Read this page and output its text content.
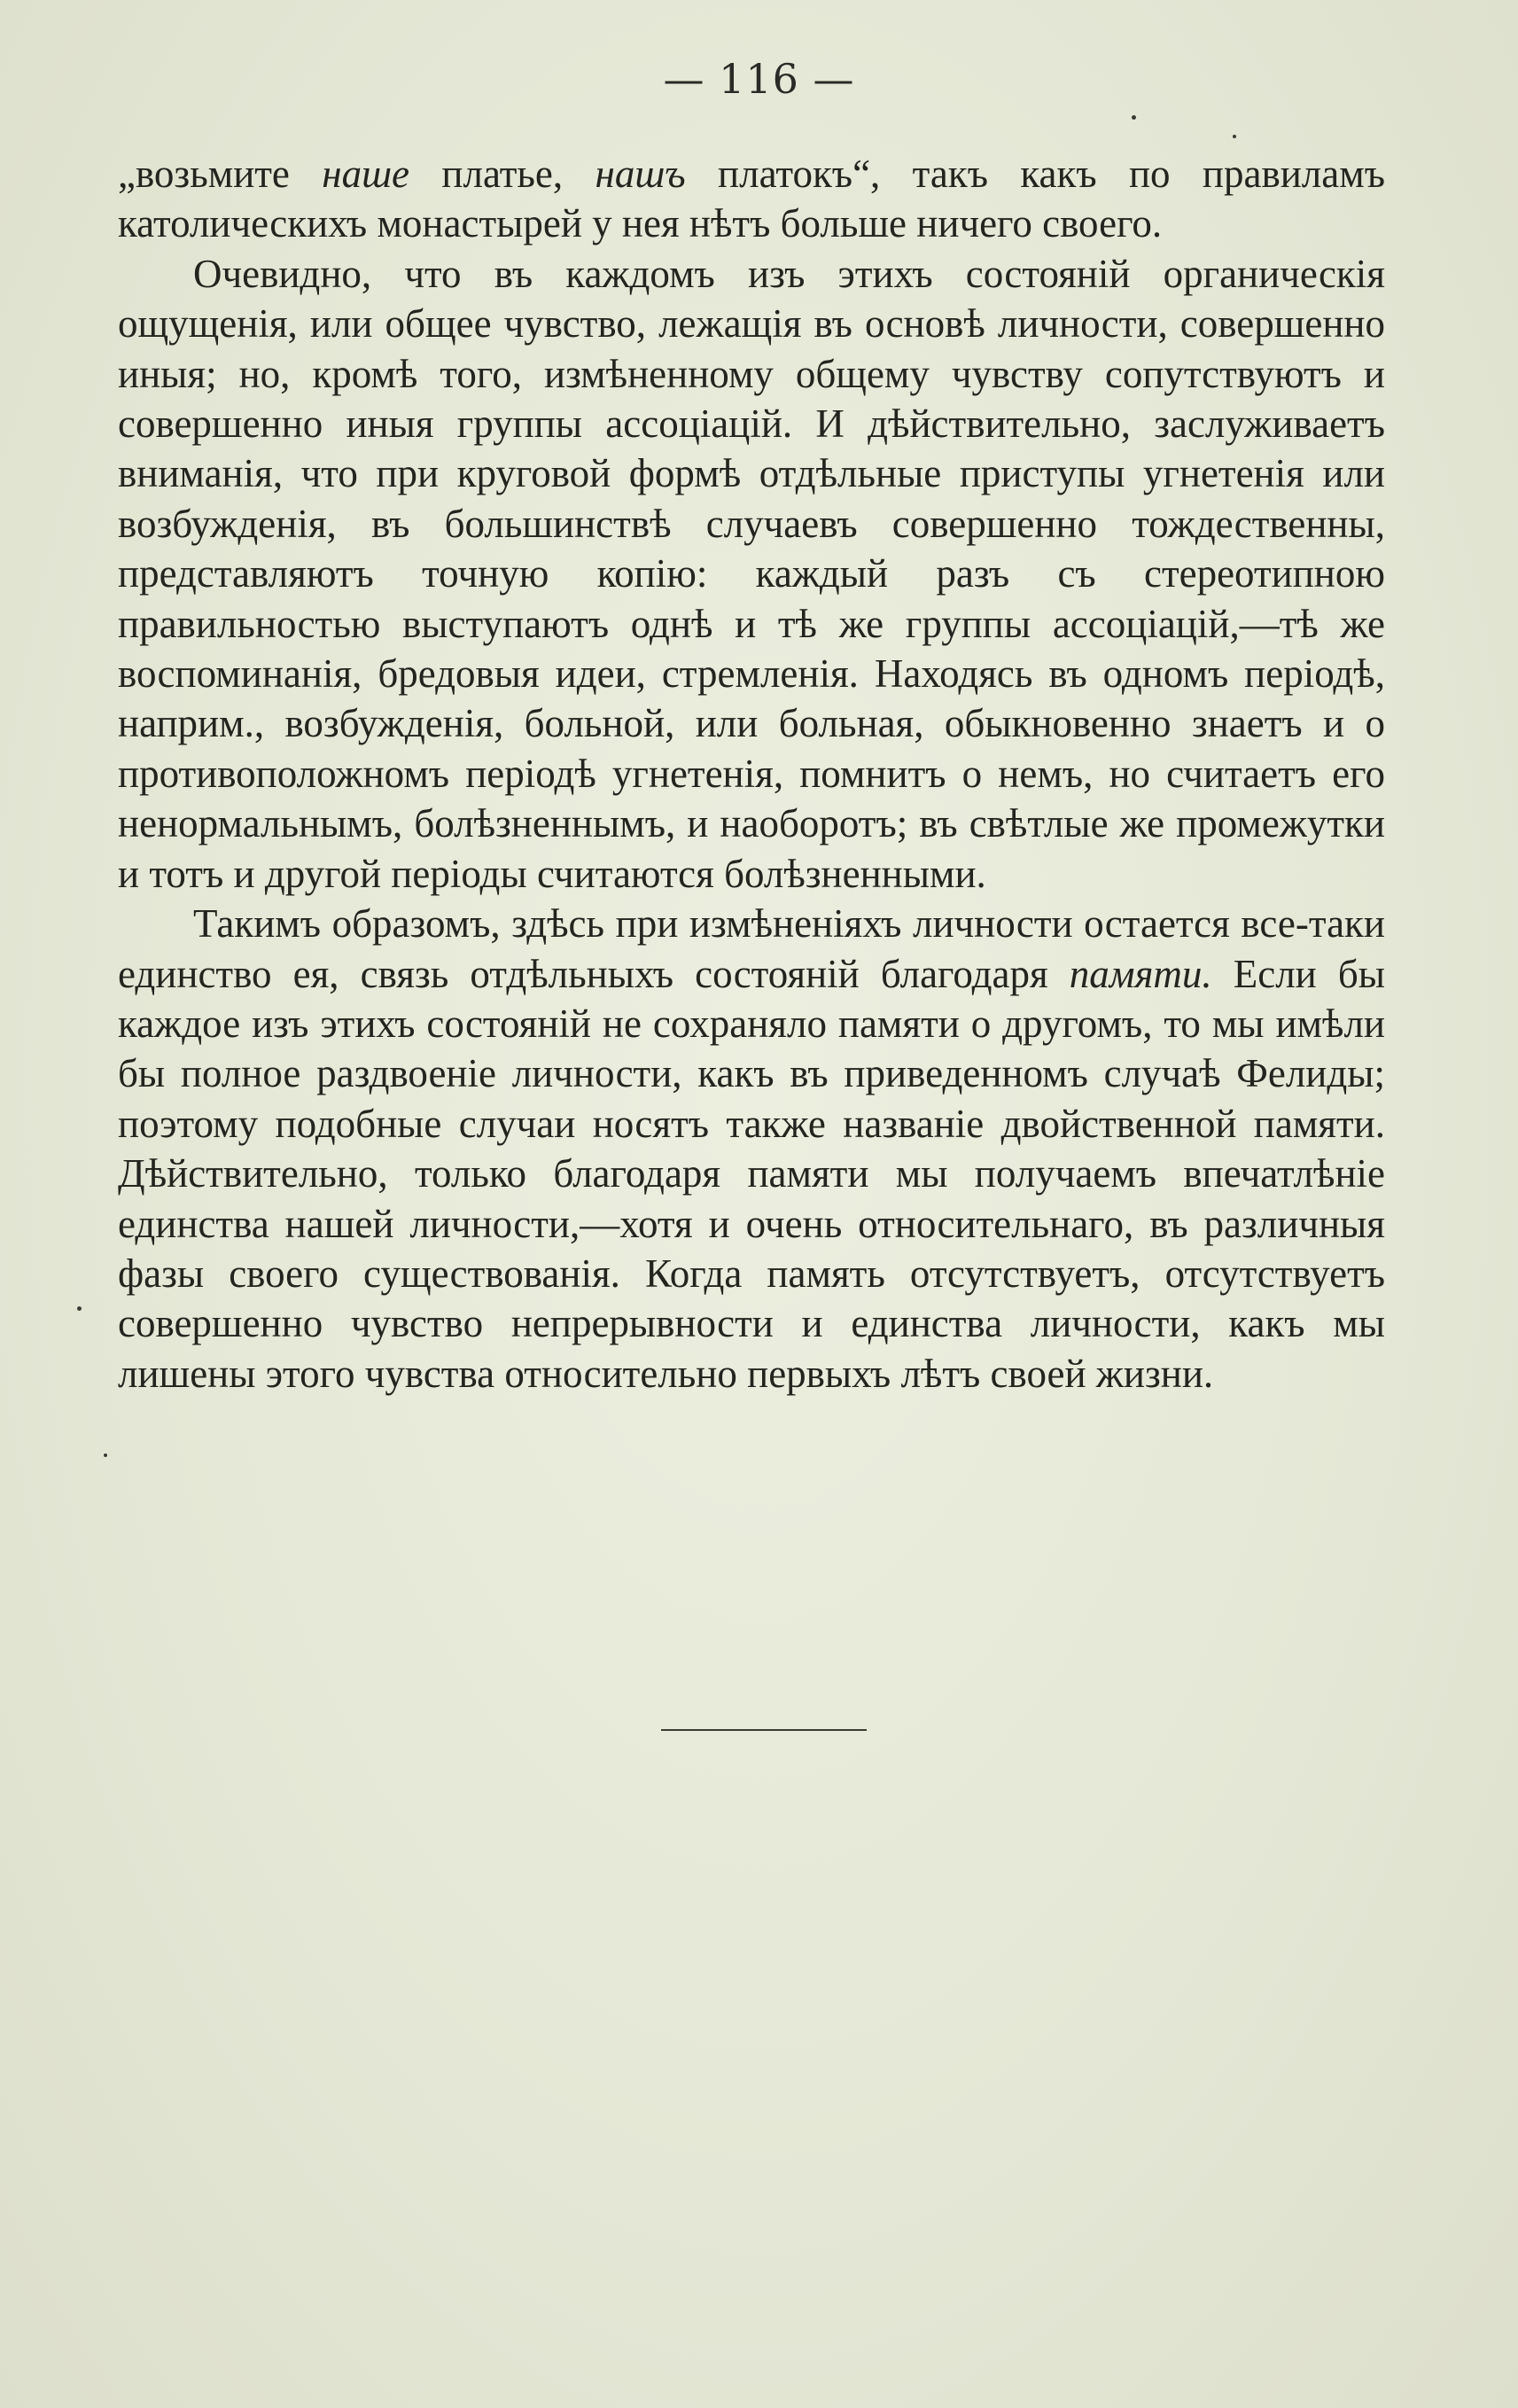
— 116 —

„возьмите наше платье, нашъ платокъ“, такъ какъ по правиламъ католическихъ монастырей у нея нѣтъ больше ничего своего.

Очевидно, что въ каждомъ изъ этихъ состояній органическія ощущенія, или общее чувство, лежащія въ основѣ личности, совершенно иныя; но, кромѣ того, измѣненному общему чувству сопутствуютъ и совершенно иныя группы ассоціацій. И дѣйствительно, заслуживаетъ вниманія, что при круговой формѣ отдѣльные приступы угнетенія или возбужденія, въ большинствѣ случаевъ совершенно тождественны, представляютъ точную копію: каждый разъ съ стереотипною правильностью выступаютъ однѣ и тѣ же группы ассоціацій,—тѣ же воспоминанія, бредовыя идеи, стремленія. Находясь въ одномъ періодѣ, наприм., возбужденія, больной, или больная, обыкновенно знаетъ и о противоположномъ періодѣ угнетенія, помнитъ о немъ, но считаетъ его ненормальнымъ, болѣзненнымъ, и наоборотъ; въ свѣтлые же промежутки и тотъ и другой періоды считаются болѣзненными.

Такимъ образомъ, здѣсь при измѣненіяхъ личности остается все-таки единство ея, связь отдѣльныхъ состояній благодаря памяти. Если бы каждое изъ этихъ состояній не сохраняло памяти о другомъ, то мы имѣли бы полное раздвоеніе личности, какъ въ приведенномъ случаѣ Фелиды; поэтому подобные случаи носятъ также названіе двойственной памяти. Дѣйствительно, только благодаря памяти мы получаемъ впечатлѣніе единства нашей личности,—хотя и очень относительнаго, въ различныя фазы своего существованія. Когда память отсутствуетъ, отсутствуетъ совершенно чувство непрерывности и единства личности, какъ мы лишены этого чувства относительно первыхъ лѣтъ своей жизни.
